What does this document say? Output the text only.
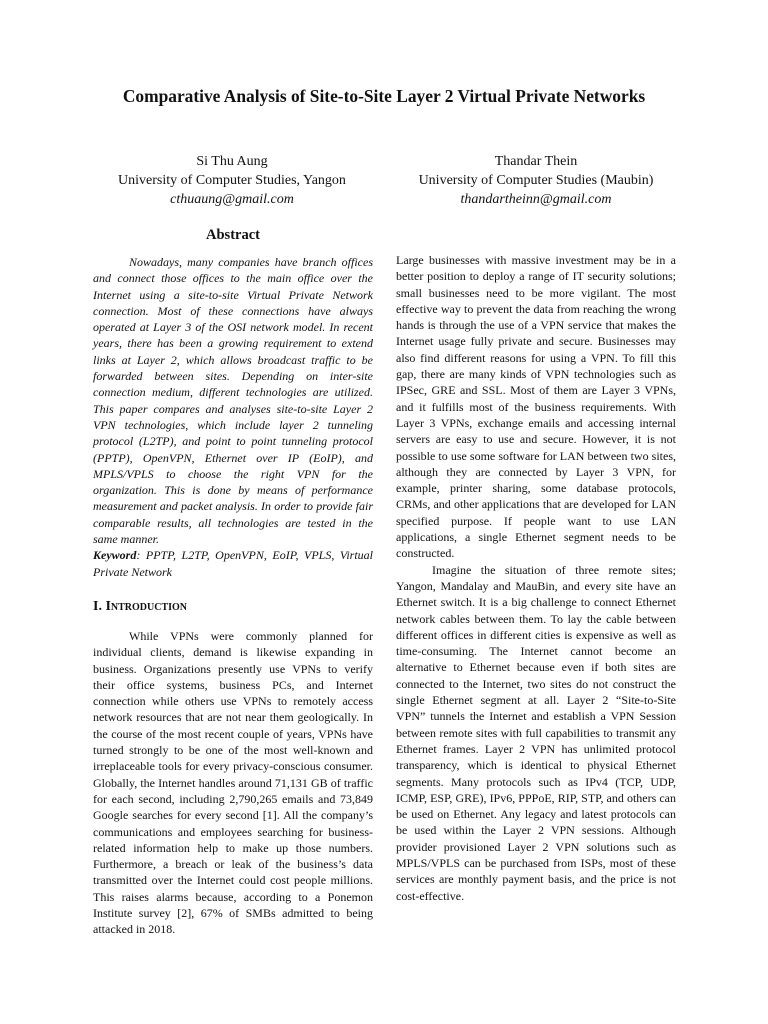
Comparative Analysis of Site-to-Site Layer 2 Virtual Private Networks
Si Thu Aung
University of Computer Studies, Yangon
cthuaung@gmail.com
Thandar Thein
University of Computer Studies (Maubin)
thandartheinn@gmail.com
Abstract

Nowadays, many companies have branch offices and connect those offices to the main office over the Internet using a site-to-site Virtual Private Network connection. Most of these connections have always operated at Layer 3 of the OSI network model. In recent years, there has been a growing requirement to extend links at Layer 2, which allows broadcast traffic to be forwarded between sites. Depending on inter-site connection medium, different technologies are utilized. This paper compares and analyses site-to-site Layer 2 VPN technologies, which include layer 2 tunneling protocol (L2TP), and point to point tunneling protocol (PPTP), OpenVPN, Ethernet over IP (EoIP), and MPLS/VPLS to choose the right VPN for the organization. This is done by means of performance measurement and packet analysis. In order to provide fair comparable results, all technologies are tested in the same manner.

Keyword: PPTP, L2TP, OpenVPN, EoIP, VPLS, Virtual Private Network

I. Introduction

While VPNs were commonly planned for individual clients, demand is likewise expanding in business. Organizations presently use VPNs to verify their office systems, business PCs, and Internet connection while others use VPNs to remotely access network resources that are not near them geologically. In the course of the most recent couple of years, VPNs have turned strongly to be one of the most well-known and irreplaceable tools for every privacy-conscious consumer. Globally, the Internet handles around 71,131 GB of traffic for each second, including 2,790,265 emails and 73,849 Google searches for every second [1]. All the company’s communications and employees searching for business-related information help to make up those numbers. Furthermore, a breach or leak of the business’s data transmitted over the Internet could cost people millions. This raises alarms because, according to a Ponemon Institute survey [2], 67% of SMBs admitted to being attacked in 2018.

Large businesses with massive investment may be in a better position to deploy a range of IT security solutions; small businesses need to be more vigilant. The most effective way to prevent the data from reaching the wrong hands is through the use of a VPN service that makes the Internet usage fully private and secure. Businesses may also find different reasons for using a VPN. To fill this gap, there are many kinds of VPN technologies such as IPSec, GRE and SSL. Most of them are Layer 3 VPNs, and it fulfills most of the business requirements. With Layer 3 VPNs, exchange emails and accessing internal servers are easy to use and secure. However, it is not possible to use some software for LAN between two sites, although they are connected by Layer 3 VPN, for example, printer sharing, some database protocols, CRMs, and other applications that are developed for LAN specified purpose. If people want to use LAN applications, a single Ethernet segment needs to be constructed.

Imagine the situation of three remote sites; Yangon, Mandalay and MauBin, and every site have an Ethernet switch. It is a big challenge to connect Ethernet network cables between them. To lay the cable between different offices in different cities is expensive as well as time-consuming. The Internet cannot become an alternative to Ethernet because even if both sites are connected to the Internet, two sites do not construct the single Ethernet segment at all. Layer 2 “Site-to-Site VPN” tunnels the Internet and establish a VPN Session between remote sites with full capabilities to transmit any Ethernet frames. Layer 2 VPN has unlimited protocol transparency, which is identical to physical Ethernet segments. Many protocols such as IPv4 (TCP, UDP, ICMP, ESP, GRE), IPv6, PPPoE, RIP, STP, and others can be used on Ethernet. Any legacy and latest protocols can be used within the Layer 2 VPN sessions. Although provider provisioned Layer 2 VPN solutions such as MPLS/VPLS can be purchased from ISPs, most of these services are monthly payment basis, and the price is not cost-effective.
